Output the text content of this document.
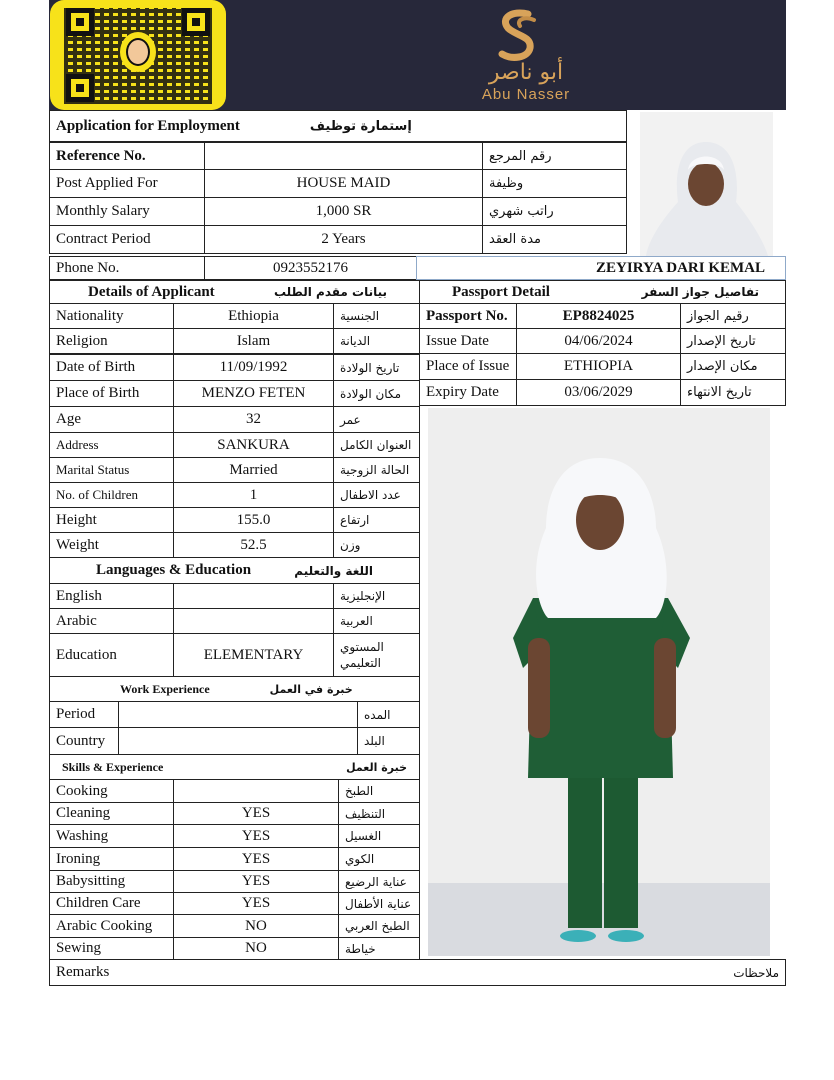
أبو ناصر
Abu Nasser
Application for Employment	إستمارة توظيف
Reference No.	رقم المرجع
Post Applied For	HOUSE MAID	وظيفة
Monthly Salary	1,000 SR	راتب شهري
Contract Period	2 Years	مدة العقد
Phone No.	0923552176	ZEYIRYA DARI KEMAL
Details of Applicant	بيانات مقدم الطلب	Passport Detail	تفاصيل جواز السفر
Nationality	Ethiopia	الجنسية
Religion	Islam	الديانة
Date of Birth	11/09/1992	تاريخ الولادة
Place of Birth	MENZO FETEN	مكان الولادة
Age	32	عمر
Address	SANKURA	العنوان الكامل
Marital Status	Married	الحالة الزوجية
No. of Children	1	عدد الاطفال
Height	155.0	ارتفاع
Weight	52.5	وزن
Passport No.	EP8824025	رقيم الجواز
Issue Date	04/06/2024	تاريخ الإصدار
Place of Issue	ETHIOPIA	مكان الإصدار
Expiry Date	03/06/2029	تاريخ الانتهاء
Languages & Education	اللغة والتعليم
English	الإنجليزية
Arabic	العربية
Education	ELEMENTARY	المستوي التعليمي
Work Experience	خبرة في العمل
Period	المده
Country	البلد
Skills & Experience	خبرة العمل
Cooking	الطبخ
Cleaning	YES	التنظيف
Washing	YES	الغسيل
Ironing	YES	الكوي
Babysitting	YES	عناية الرضيع
Children Care	YES	عناية الأطفال
Arabic Cooking	NO	الطبخ العربي
Sewing	NO	خياطة
Remarks	ملاحظات
